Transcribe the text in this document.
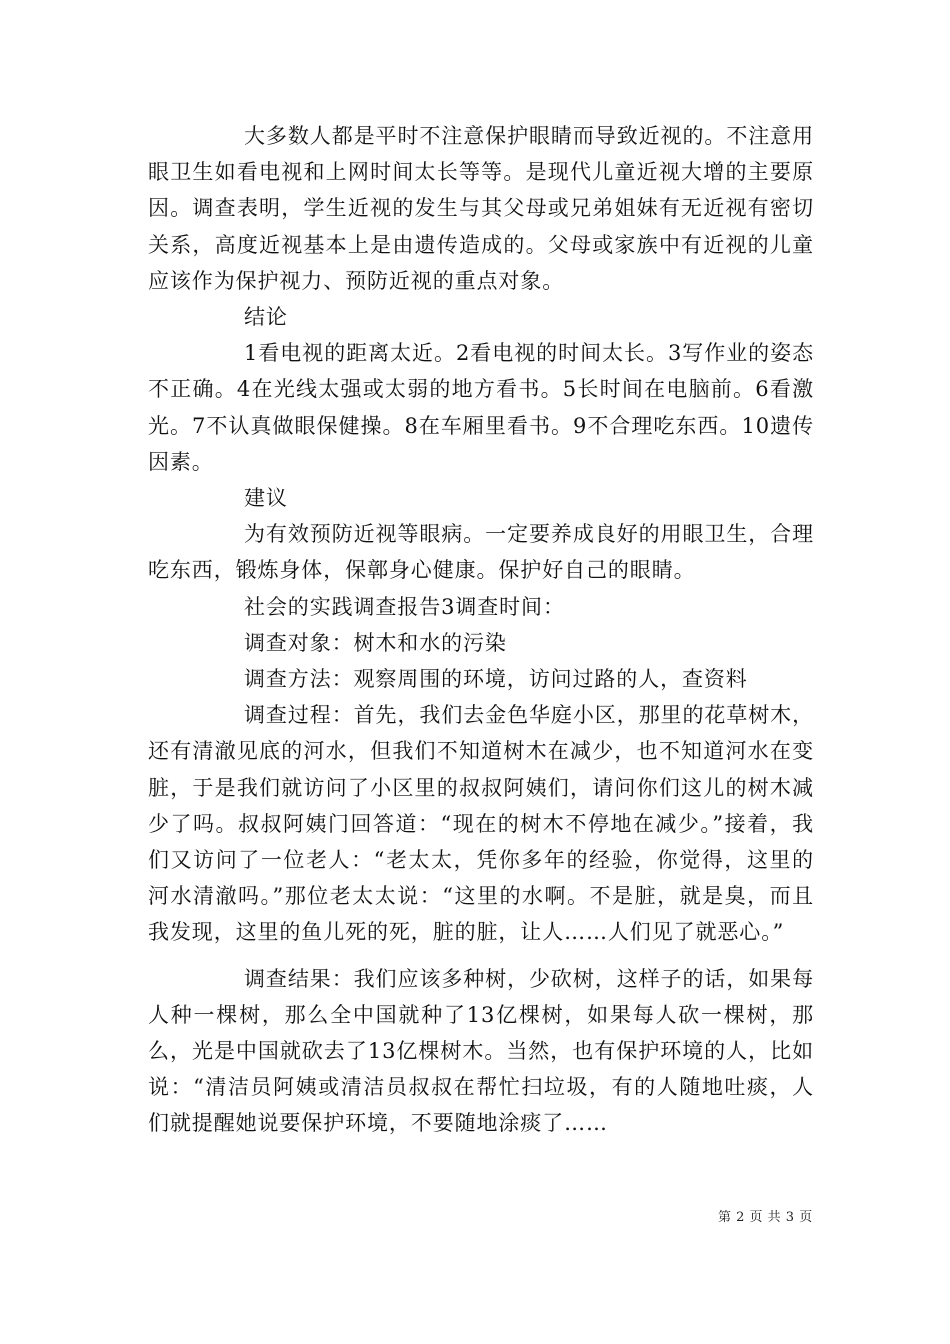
大多数人都是平时不注意保护眼睛而导致近视的。不注意用眼卫生如看电视和上网时间太长等等。是现代儿童近视大增的主要原因。调查表明，学生近视的发生与其父母或兄弟姐妹有无近视有密切关系，高度近视基本上是由遗传造成的。父母或家族中有近视的儿童应该作为保护视力、预防近视的重点对象。

结论

1看电视的距离太近。2看电视的时间太长。3写作业的姿态不正确。4在光线太强或太弱的地方看书。5长时间在电脑前。6看激光。7不认真做眼保健操。8在车厢里看书。9不合理吃东西。10遗传因素。

建议

为有效预防近视等眼病。一定要养成良好的用眼卫生，合理吃东西，锻炼身体，保鄣身心健康。保护好自己的眼睛。

社会的实践调查报告3调查时间：

调查对象：树木和水的污染

调查方法：观察周围的环境，访问过路的人，查资料

调查过程：首先，我们去金色华庭小区，那里的花草树木，还有清澈见底的河水，但我们不知道树木在减少，也不知道河水在变脏，于是我们就访问了小区里的叔叔阿姨们，请问你们这儿的树木减少了吗。叔叔阿姨门回答道：“现在的树木不停地在减少。”接着，我们又访问了一位老人：“老太太，凭你多年的经验，你觉得，这里的河水清澈吗。”那位老太太说：“这里的水啊。不是脏，就是臭，而且我发现，这里的鱼儿死的死，脏的脏，让人……人们见了就恶心。”

调查结果：我们应该多种树，少砍树，这样子的话，如果每人种一棵树，那么全中国就种了13亿棵树，如果每人砍一棵树，那么，光是中国就砍去了13亿棵树木。当然，也有保护环境的人，比如说：“清洁员阿姨或清洁员叔叔在帮忙扫垃圾，有的人随地吐痰，人们就提醒她说要保护环境，不要随地涂痰了……

第 2 页 共 3 页
